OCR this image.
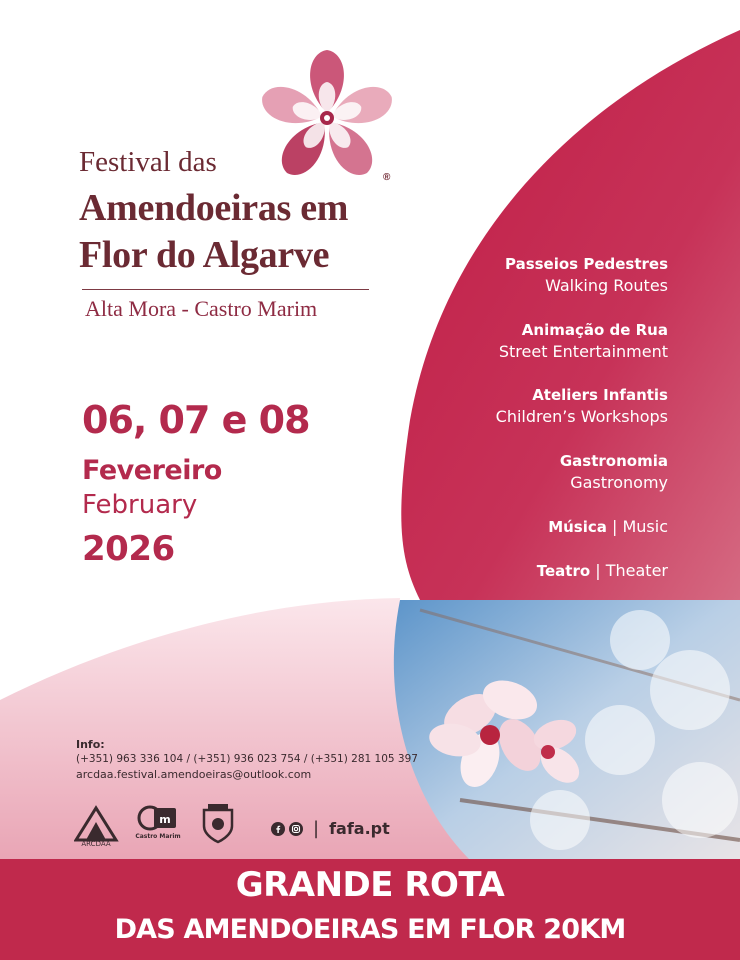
®
Festival das
Amendoeiras em
Flor do Algarve
Alta Mora - Castro Marim
06, 07 e 08
Fevereiro
February
2026
Passeios Pedestres
Walking Routes
Animação de Rua
Street Entertainment
Ateliers Infantis
Children’s Workshops
Gastronomia
Gastronomy
Música | Music
Teatro | Theater
Info:
(+351) 963 336 104 / (+351) 936 023 754 / (+351) 281 105 397
arcdaa.festival.amendoeiras@outlook.com
ARCDAA
m
Castro Marim	| fafa.pt
GRANDE ROTA
DAS AMENDOEIRAS EM FLOR 20KM
